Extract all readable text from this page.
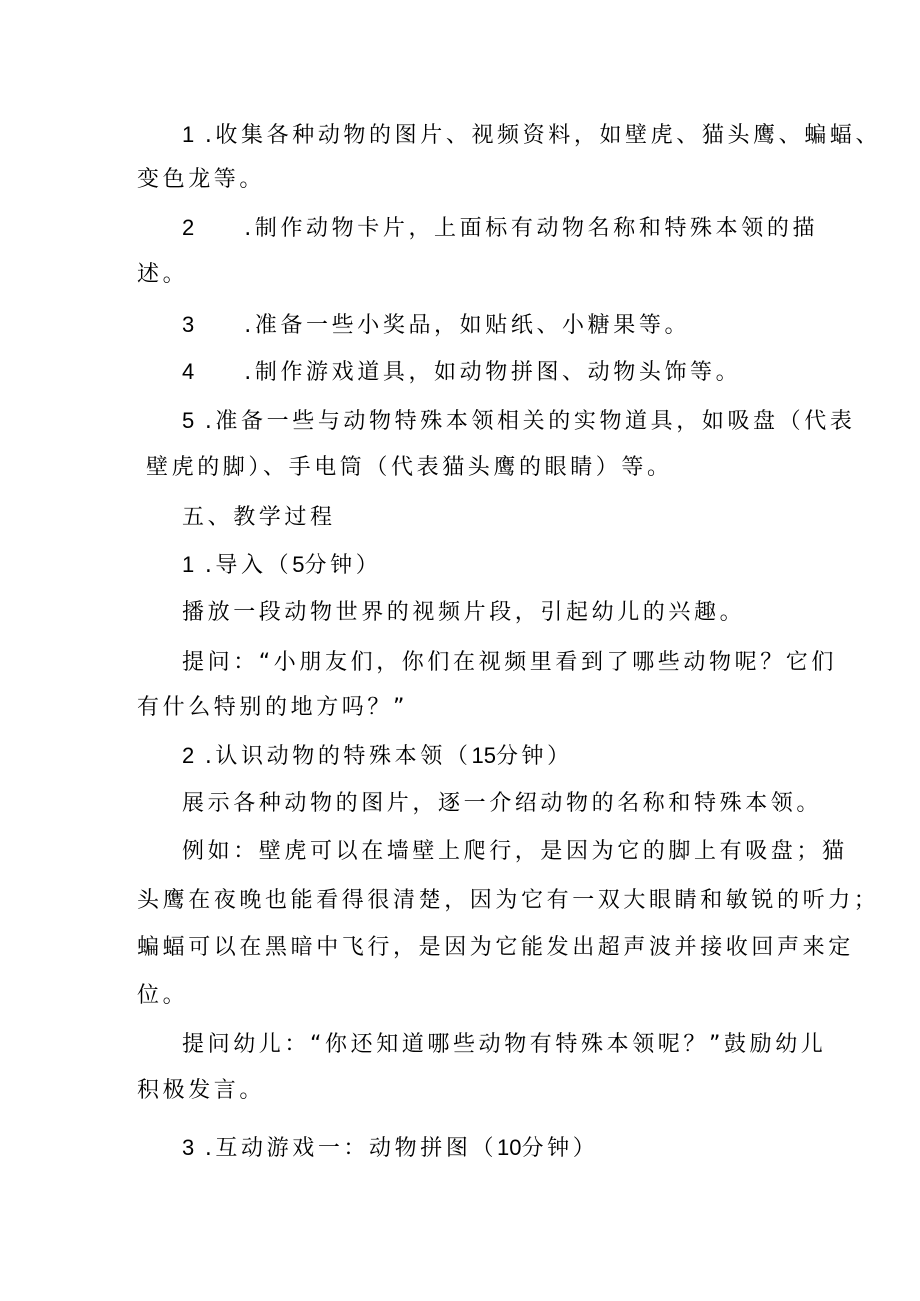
1 .收集各种动物的图片、视频资料，如壁虎、猫头鹰、蝙蝠、
变色龙等。
2 .制作动物卡片，上面标有动物名称和特殊本领的描
述。
3 .准备一些小奖品，如贴纸、小糖果等。
4 .制作游戏道具，如动物拼图、动物头饰等。
5 .准备一些与动物特殊本领相关的实物道具，如吸盘（代表
壁虎的脚）、手电筒（代表猫头鹰的眼睛）等。
五、教学过程
1 .导入（5分钟）
播放一段动物世界的视频片段，引起幼儿的兴趣。
提问：“小朋友们，你们在视频里看到了哪些动物呢？它们
有什么特别的地方吗？”
2 .认识动物的特殊本领（15分钟）
展示各种动物的图片，逐一介绍动物的名称和特殊本领。
例如：壁虎可以在墙壁上爬行，是因为它的脚上有吸盘；猫
头鹰在夜晚也能看得很清楚，因为它有一双大眼睛和敏锐的听力；
蝙蝠可以在黑暗中飞行，是因为它能发出超声波并接收回声来定
位。
提问幼儿：“你还知道哪些动物有特殊本领呢？”鼓励幼儿
积极发言。
3 .互动游戏一：动物拼图（10分钟）
